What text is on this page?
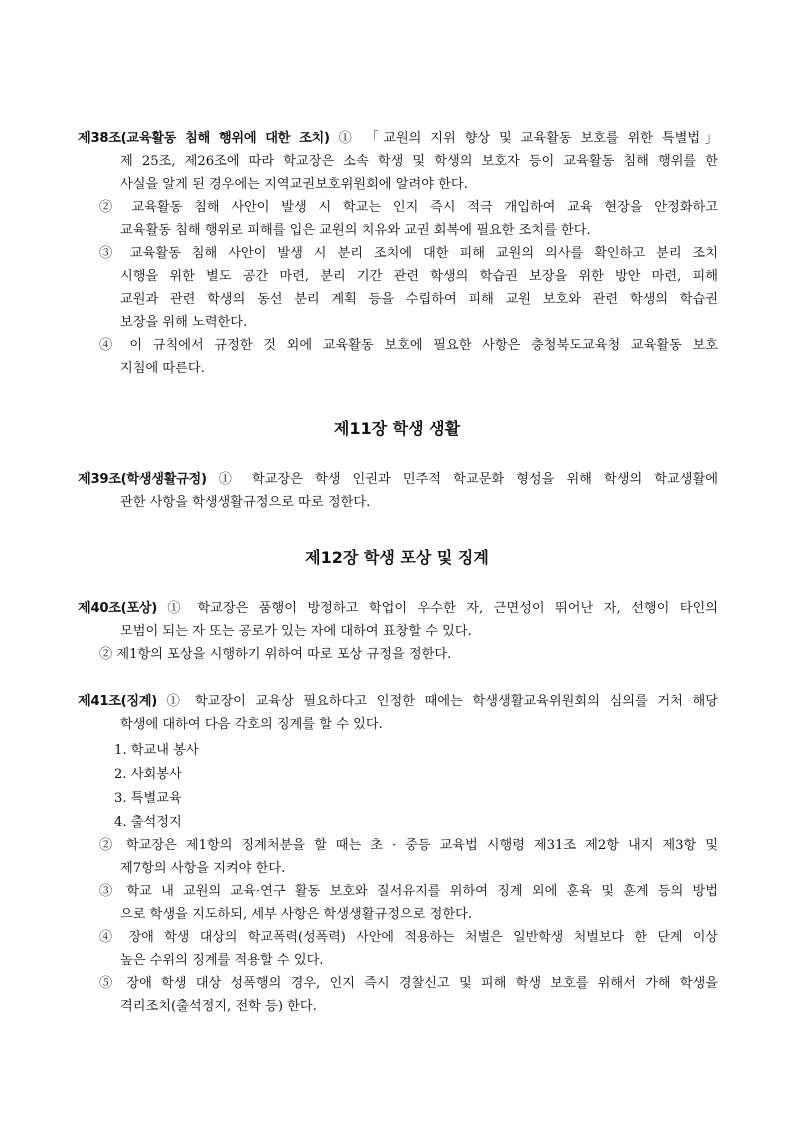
제38조(교육활동 침해 행위에 대한 조치) ① 「교원의 지위 향상 및 교육활동 보호를 위한 특별법」
제 25조, 제26조에 따라 학교장은 소속 학생 및 학생의 보호자 등이 교육활동 침해 행위를 한
사실을 알게 된 경우에는 지역교권보호위원회에 알려야 한다.
② 교육활동 침해 사안이 발생 시 학교는 인지 즉시 적극 개입하여 교육 현장을 안정화하고
교육활동 침해 행위로 피해를 입은 교원의 치유와 교권 회복에 필요한 조치를 한다.
③ 교육활동 침해 사안이 발생 시 분리 조치에 대한 피해 교원의 의사를 확인하고 분리 조치
시행을 위한 별도 공간 마련, 분리 기간 관련 학생의 학습권 보장을 위한 방안 마련, 피해
교원과 관련 학생의 동선 분리 계획 등을 수립하여 피해 교원 보호와 관련 학생의 학습권
보장을 위해 노력한다.
④ 이 규칙에서 규정한 것 외에 교육활동 보호에 필요한 사항은 충청북도교육청 교육활동 보호
지침에 따른다.
제11장 학생 생활
제39조(학생생활규정) ① 학교장은 학생 인권과 민주적 학교문화 형성을 위해 학생의 학교생활에
관한 사항을 학생생활규정으로 따로 정한다.
제12장 학생 포상 및 징계
제40조(포상) ① 학교장은 품행이 방정하고 학업이 우수한 자, 근면성이 뛰어난 자, 선행이 타인의
모범이 되는 자 또는 공로가 있는 자에 대하여 표창할 수 있다.
② 제1항의 포상을 시행하기 위하여 따로 포상 규정을 정한다.
제41조(징계) ① 학교장이 교육상 필요하다고 인정한 때에는 학생생활교육위원회의 심의를 거처 해당
학생에 대하여 다음 각호의 징계를 할 수 있다.
1. 학교내 봉사
2. 사회봉사
3. 특별교육
4. 출석정지
② 학교장은 제1항의 징계처분을 할 때는 초 · 중등 교육법 시행령 제31조 제2항 내지 제3항 및
제7항의 사항을 지켜야 한다.
③ 학교 내 교원의 교육·연구 활동 보호와 질서유지를 위하여 징계 외에 훈육 및 훈계 등의 방법
으로 학생을 지도하되, 세부 사항은 학생생활규정으로 정한다.
④ 장애 학생 대상의 학교폭력(성폭력) 사안에 적용하는 처벌은 일반학생 처벌보다 한 단계 이상
높은 수위의 징계를 적용할 수 있다.
⑤ 장애 학생 대상 성폭행의 경우, 인지 즉시 경찰신고 및 피해 학생 보호를 위해서 가해 학생을
격리조치(출석정지, 전학 등) 한다.
